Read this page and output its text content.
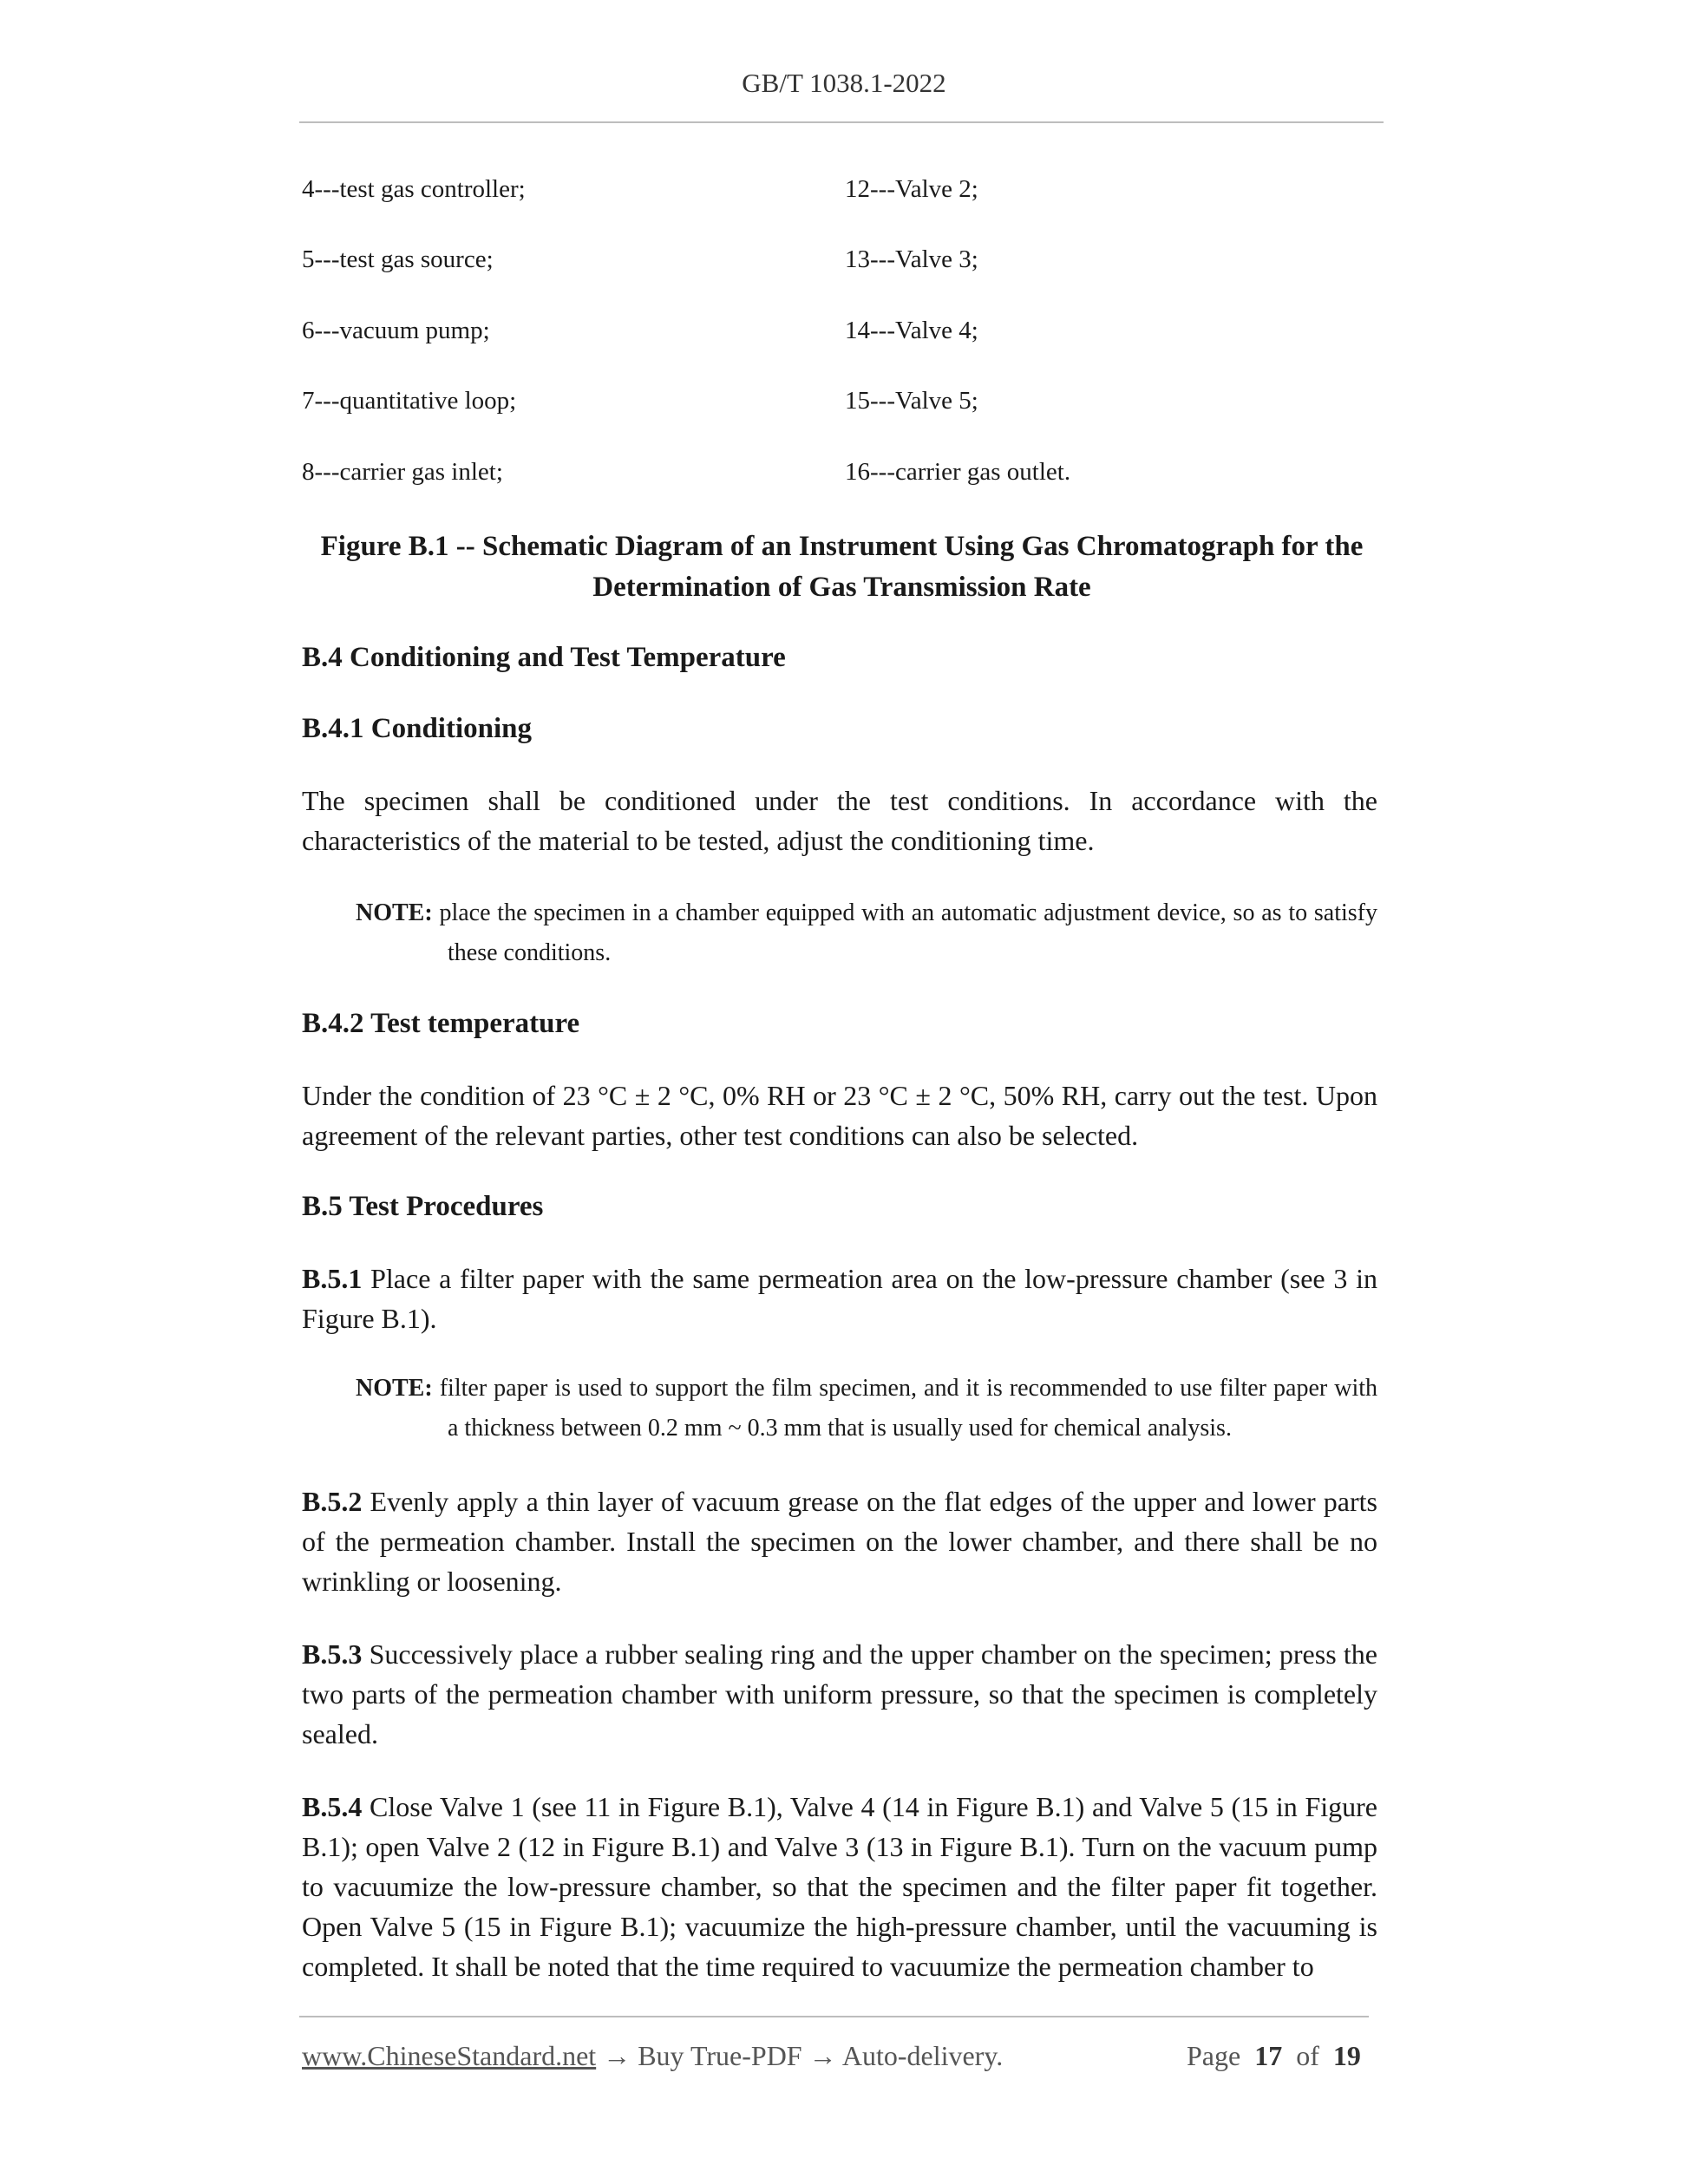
GB/T 1038.1-2022
4---test gas controller;
5---test gas source;
6---vacuum pump;
7---quantitative loop;
8---carrier gas inlet;
12---Valve 2;
13---Valve 3;
14---Valve 4;
15---Valve 5;
16---carrier gas outlet.
Figure B.1 -- Schematic Diagram of an Instrument Using Gas Chromatograph for the
Determination of Gas Transmission Rate
B.4 Conditioning and Test Temperature
B.4.1 Conditioning
The specimen shall be conditioned under the test conditions. In accordance with the characteristics of the material to be tested, adjust the conditioning time.
NOTE: place the specimen in a chamber equipped with an automatic adjustment device, so as to satisfy these conditions.
B.4.2 Test temperature
Under the condition of 23 °C ± 2 °C, 0% RH or 23 °C ± 2 °C, 50% RH, carry out the test. Upon agreement of the relevant parties, other test conditions can also be selected.
B.5 Test Procedures
B.5.1 Place a filter paper with the same permeation area on the low-pressure chamber (see 3 in Figure B.1).
NOTE: filter paper is used to support the film specimen, and it is recommended to use filter paper with a thickness between 0.2 mm ~ 0.3 mm that is usually used for chemical analysis.
B.5.2 Evenly apply a thin layer of vacuum grease on the flat edges of the upper and lower parts of the permeation chamber. Install the specimen on the lower chamber, and there shall be no wrinkling or loosening.
B.5.3 Successively place a rubber sealing ring and the upper chamber on the specimen; press the two parts of the permeation chamber with uniform pressure, so that the specimen is completely sealed.
B.5.4 Close Valve 1 (see 11 in Figure B.1), Valve 4 (14 in Figure B.1) and Valve 5 (15 in Figure B.1); open Valve 2 (12 in Figure B.1) and Valve 3 (13 in Figure B.1). Turn on the vacuum pump to vacuumize the low-pressure chamber, so that the specimen and the filter paper fit together. Open Valve 5 (15 in Figure B.1); vacuumize the high-pressure chamber, until the vacuuming is completed. It shall be noted that the time required to vacuumize the permeation chamber to
www.ChineseStandard.net → Buy True-PDF → Auto-delivery.	Page 17 of 19
